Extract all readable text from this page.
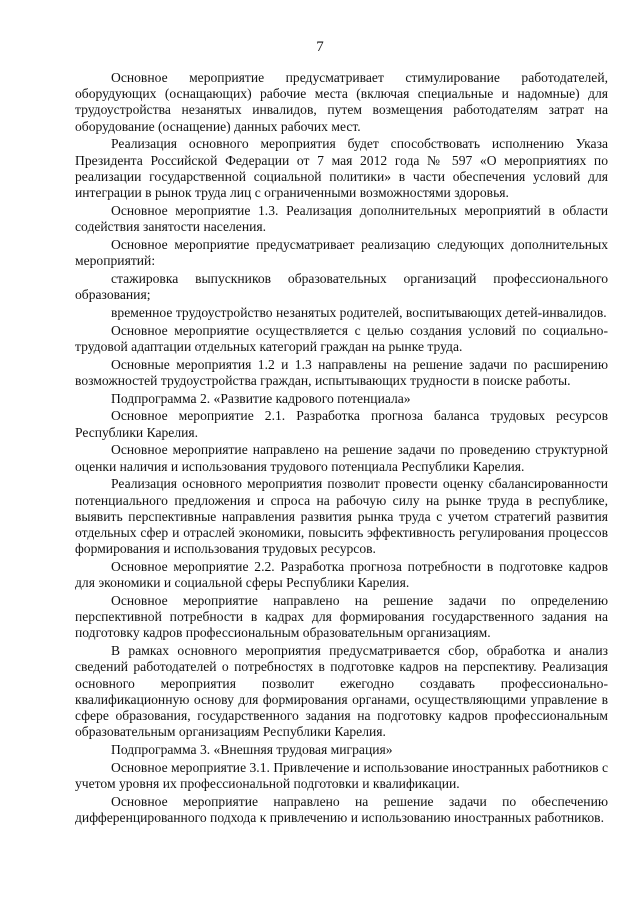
7

Основное мероприятие предусматривает стимулирование работодателей, оборудующих (оснащающих) рабочие места (включая специальные и надомные) для трудоустройства незанятых инвалидов, путем возмещения работодателям затрат на оборудование (оснащение) данных рабочих мест.

Реализация основного мероприятия будет способствовать исполнению Указа Президента Российской Федерации от 7 мая 2012 года № 597 «О мероприятиях по реализации государственной социальной политики» в части обеспечения условий для интеграции в рынок труда лиц с ограниченными возможностями здоровья.

Основное мероприятие 1.3. Реализация дополнительных мероприятий в области содействия занятости населения.

Основное мероприятие предусматривает реализацию следующих дополнительных мероприятий:

стажировка выпускников образовательных организаций профессионального образования;

временное трудоустройство незанятых родителей, воспитывающих детей-инвалидов.

Основное мероприятие осуществляется с целью создания условий по социально-трудовой адаптации отдельных категорий граждан на рынке труда.

Основные мероприятия 1.2 и 1.3 направлены на решение задачи по расширению возможностей трудоустройства граждан, испытывающих трудности в поиске работы.

Подпрограмма 2. «Развитие кадрового потенциала»

Основное мероприятие 2.1. Разработка прогноза баланса трудовых ресурсов Республики Карелия.

Основное мероприятие направлено на решение задачи по проведению структурной оценки наличия и использования трудового потенциала Республики Карелия.

Реализация основного мероприятия позволит провести оценку сбалансированности потенциального предложения и спроса на рабочую силу на рынке труда в республике, выявить перспективные направления развития рынка труда с учетом стратегий развития отдельных сфер и отраслей экономики, повысить эффективность регулирования процессов формирования и использования трудовых ресурсов.

Основное мероприятие 2.2. Разработка прогноза потребности в подготовке кадров для экономики и социальной сферы Республики Карелия.

Основное мероприятие направлено на решение задачи по определению перспективной потребности в кадрах для формирования государственного задания на подготовку кадров профессиональным образовательным организациям.

В рамках основного мероприятия предусматривается сбор, обработка и анализ сведений работодателей о потребностях в подготовке кадров на перспективу. Реализация основного мероприятия позволит ежегодно создавать профессионально-квалификационную основу для формирования органами, осуществляющими управление в сфере образования, государственного задания на подготовку кадров профессиональным образовательным организациям Республики Карелия.

Подпрограмма 3. «Внешняя трудовая миграция»

Основное мероприятие 3.1. Привлечение и использование иностранных работников с учетом уровня их профессиональной подготовки и квалификации.

Основное мероприятие направлено на решение задачи по обеспечению дифференцированного подхода к привлечению и использованию иностранных работников.
